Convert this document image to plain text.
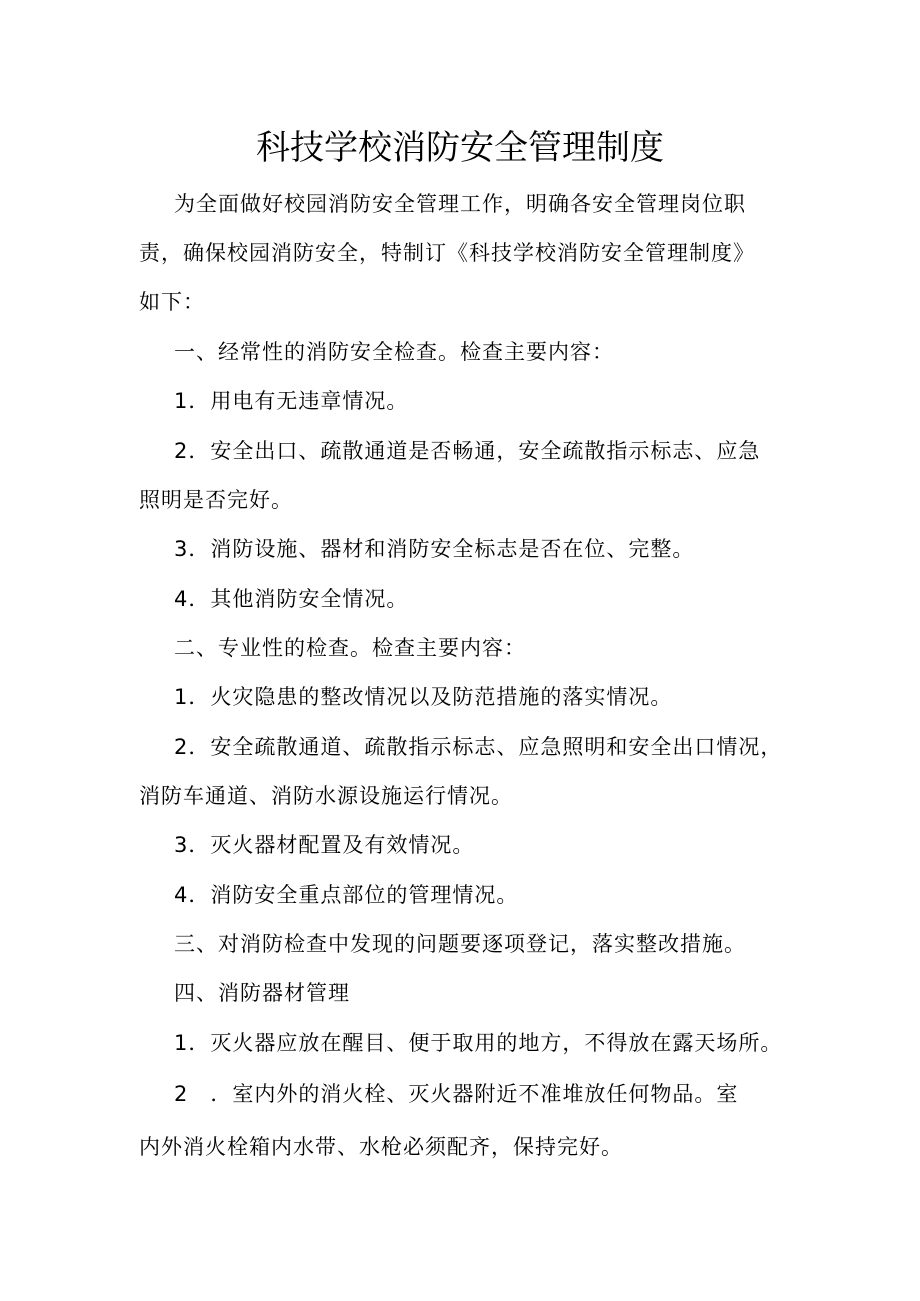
科技学校消防安全管理制度
为全面做好校园消防安全管理工作，明确各安全管理岗位职
责，确保校园消防安全，特制订《科技学校消防安全管理制度》
如下：
一、经常性的消防安全检查。检查主要内容：
1．用电有无违章情况。
2．安全出口、疏散通道是否畅通，安全疏散指示标志、应急
照明是否完好。
3．消防设施、器材和消防安全标志是否在位、完整。
4．其他消防安全情况。
二、专业性的检查。检查主要内容：
1．火灾隐患的整改情况以及防范措施的落实情况。
2．安全疏散通道、疏散指示标志、应急照明和安全出口情况，
消防车通道、消防水源设施运行情况。
3．灭火器材配置及有效情况。
4．消防安全重点部位的管理情况。
三、对消防检查中发现的问题要逐项登记，落实整改措施。
四、消防器材管理
1．灭火器应放在醒目、便于取用的地方，不得放在露天场所。
2　．室内外的消火栓、灭火器附近不准堆放任何物品。室
内外消火栓箱内水带、水枪必须配齐，保持完好。
